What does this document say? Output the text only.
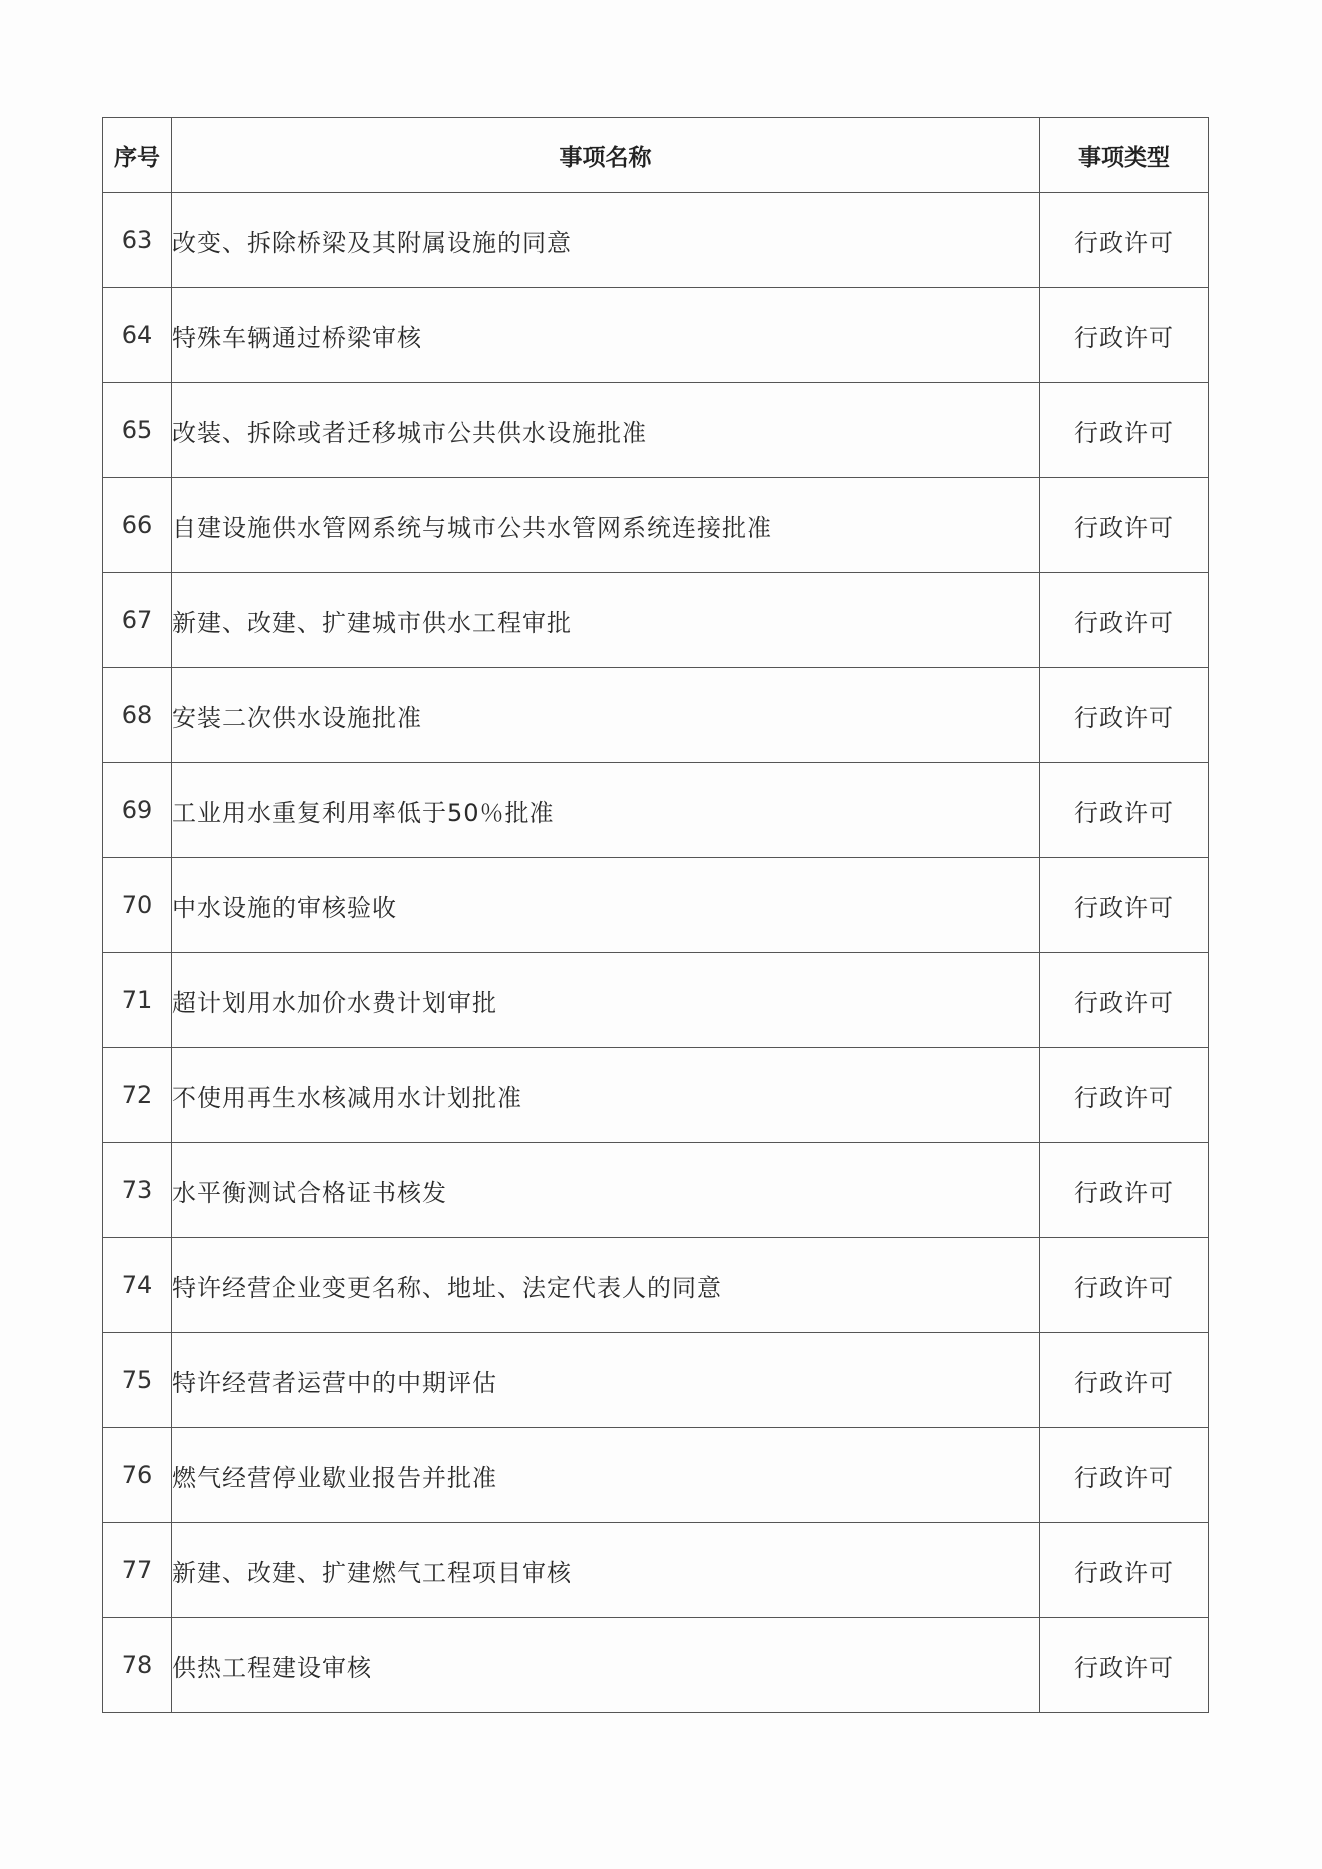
序号	事项名称	事项类型
63	改变、拆除桥梁及其附属设施的同意	行政许可
64	特殊车辆通过桥梁审核	行政许可
65	改装、拆除或者迁移城市公共供水设施批准	行政许可
66	自建设施供水管网系统与城市公共水管网系统连接批准	行政许可
67	新建、改建、扩建城市供水工程审批	行政许可
68	安装二次供水设施批准	行政许可
69	工业用水重复利用率低于50％批准	行政许可
70	中水设施的审核验收	行政许可
71	超计划用水加价水费计划审批	行政许可
72	不使用再生水核减用水计划批准	行政许可
73	水平衡测试合格证书核发	行政许可
74	特许经营企业变更名称、地址、法定代表人的同意	行政许可
75	特许经营者运营中的中期评估	行政许可
76	燃气经营停业歇业报告并批准	行政许可
77	新建、改建、扩建燃气工程项目审核	行政许可
78	供热工程建设审核	行政许可
